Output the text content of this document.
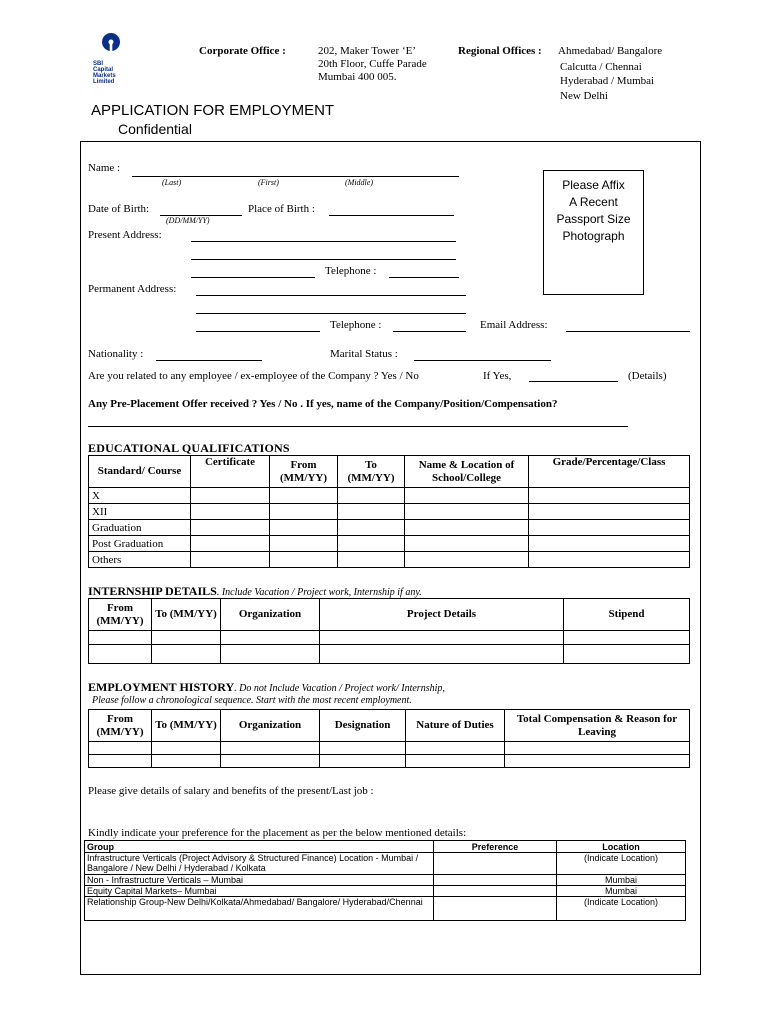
SBI
Capital
Markets
Limited
Corporate Office :	202, Maker Tower ‘E’
20th Floor, Cuffe Parade
Mumbai 400 005.
Regional Offices : Ahmedabad/ Bangalore
Calcutta / Chennai
Hyderabad / Mumbai
New Delhi
APPLICATION FOR EMPLOYMENT
Confidential
Please Affix
A Recent
Passport Size
Photograph
Name :
(Last)	(First)	(Middle)
Date of Birth:
(DD/MM/YY)
Place of Birth :
Present Address:
Telephone :
Permanent Address:
Telephone :	Email Address:
Nationality :	Marital Status :
Are you related to any employee / ex-employee of the Company ? Yes / No	If Yes,	(Details)
Any Pre-Placement Offer received ? Yes / No . If yes, name of the Company/Position/Compensation?
EDUCATIONAL QUALIFICATIONS
Standard/ Course	Certificate	From (MM/YY)	To (MM/YY)	Name & Location of School/College	Grade/Percentage/Class
X					
XII					
Graduation					
Post Graduation					
Others					
INTERNSHIP DETAILS. Include Vacation / Project work, Internship if any.
From (MM/YY)	To (MM/YY)	Organization	Project Details	Stipend

EMPLOYMENT HISTORY. Do not Include Vacation / Project work/ Internship,
Please follow a chronological sequence. Start with the most recent employment.
From (MM/YY)	To (MM/YY)	Organization	Designation	Nature of Duties	Total Compensation & Reason for Leaving

Please give details of salary and benefits of the present/Last job :
Kindly indicate your preference for the placement as per the below mentioned details:
Group	Preference	Location
Infrastructure Verticals (Project Advisory & Structured Finance) Location - Mumbai / Bangalore / New Delhi / Hyderabad / Kolkata		(Indicate Location)
Non - Infrastructure Verticals – Mumbai		Mumbai
Equity Capital Markets– Mumbai		Mumbai
Relationship Group-New Delhi/Kolkata/Ahmedabad/ Bangalore/ Hyderabad/Chennai		(Indicate Location)
